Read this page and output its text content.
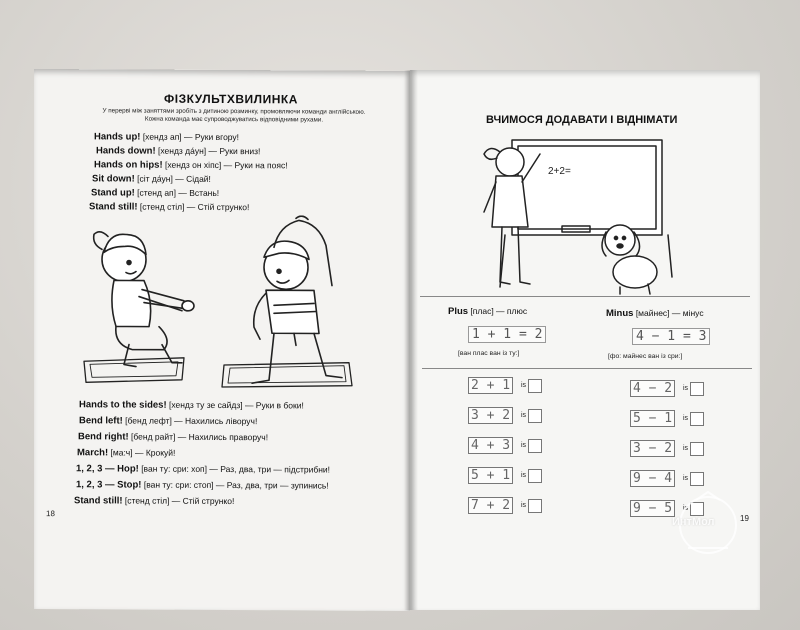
ФІЗКУЛЬТХВИЛИНКА
У перерві між заняттями зробіть з дитиною розминку, промовляючи команди англійською. Кожна команда має супроводжуватись відповідними рухами.
Hands up! [хендз ап] — Руки вгору!
Hands down! [хендз да́ун] — Руки вниз!
Hands on hips! [хендз он хіпс] — Руки на пояс!
Sit down! [сіт да́ун] — Сідай!
Stand up! [стенд ап] — Встань!
Stand still! [стенд стіл] — Стій струнко!
Hands to the sides! [хендз ту зе сайдз] — Руки в боки!
Bend left! [бенд лефт] — Нахились ліворуч!
Bend right! [бенд райт] — Нахились праворуч!
March! [ма:ч] — Крокуй!
1, 2, 3 — Hop! [ван ту: сри: хоп] — Раз, два, три — підстрибни!
1, 2, 3 — Stop! [ван ту: сри: стоп] — Раз, два, три — зупинись!
Stand still! [стенд стіл] — Стій струнко!
18
ВЧИМОСЯ ДОДАВАТИ І ВІДНІМАТИ
2+2=
Plus [плас] — плюс	Minus [майнес] — мінус
1 + 1 = 2	4 − 1 = 3
[ван плас ван із ту:]	[фо: майнес ван із сри:]
2 + 1 is
3 + 2 is
4 + 3 is
5 + 1 is
7 + 2 is
4 − 2 is
5 − 1 is
3 − 2 is
9 − 4 is
9 − 5 is
19
ИнтМол
